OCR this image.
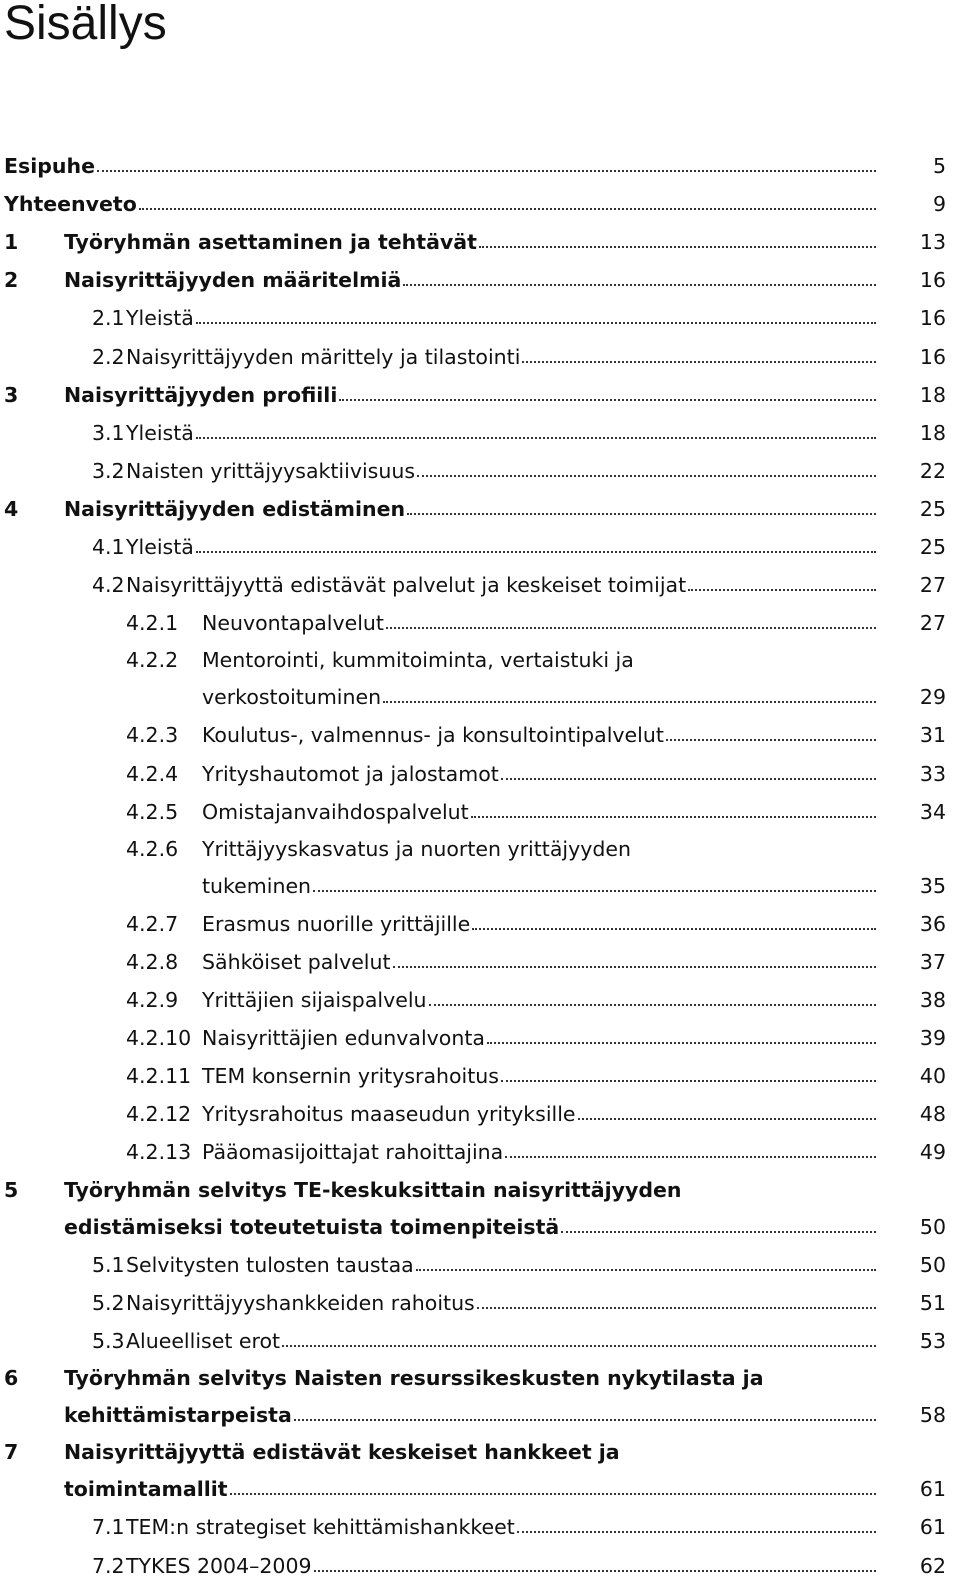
Sisällys
Esipuhe	5
Yhteenveto	9
1 Työryhmän asettaminen ja tehtävät	13
2 Naisyrittäjyyden määritelmiä	16
2.1 Yleistä	16
2.2 Naisyrittäjyyden märittely ja tilastointi	16
3 Naisyrittäjyyden profiili	18
3.1 Yleistä	18
3.2 Naisten yrittäjyysaktiivisuus	22
4 Naisyrittäjyyden edistäminen	25
4.1 Yleistä	25
4.2 Naisyrittäjyyttä edistävät palvelut ja keskeiset toimijat	27
4.2.1 Neuvontapalvelut	27
4.2.2 Mentorointi, kummitoiminta, vertaistuki ja
verkostoituminen	29
4.2.3 Koulutus-, valmennus- ja konsultointipalvelut	31
4.2.4 Yrityshautomot ja jalostamot	33
4.2.5 Omistajanvaihdospalvelut	34
4.2.6 Yrittäjyyskasvatus ja nuorten yrittäjyyden
tukeminen	35
4.2.7 Erasmus nuorille yrittäjille	36
4.2.8 Sähköiset palvelut	37
4.2.9 Yrittäjien sijaispalvelu	38
4.2.10 Naisyrittäjien edunvalvonta	39
4.2.11 TEM konsernin yritysrahoitus	40
4.2.12 Yritysrahoitus maaseudun yrityksille	48
4.2.13 Pääomasijoittajat rahoittajina	49
5 Työryhmän selvitys TE-keskuksittain naisyrittäjyyden
edistämiseksi toteutetuista toimenpiteistä	50
5.1 Selvitysten tulosten taustaa	50
5.2 Naisyrittäjyyshankkeiden rahoitus	51
5.3 Alueelliset erot	53
6 Työryhmän selvitys Naisten resurssikeskusten nykytilasta ja
kehittämistarpeista	58
7 Naisyrittäjyyttä edistävät keskeiset hankkeet ja
toimintamallit	61
7.1 TEM:n strategiset kehittämishankkeet	61
7.2 TYKES 2004–2009	62
